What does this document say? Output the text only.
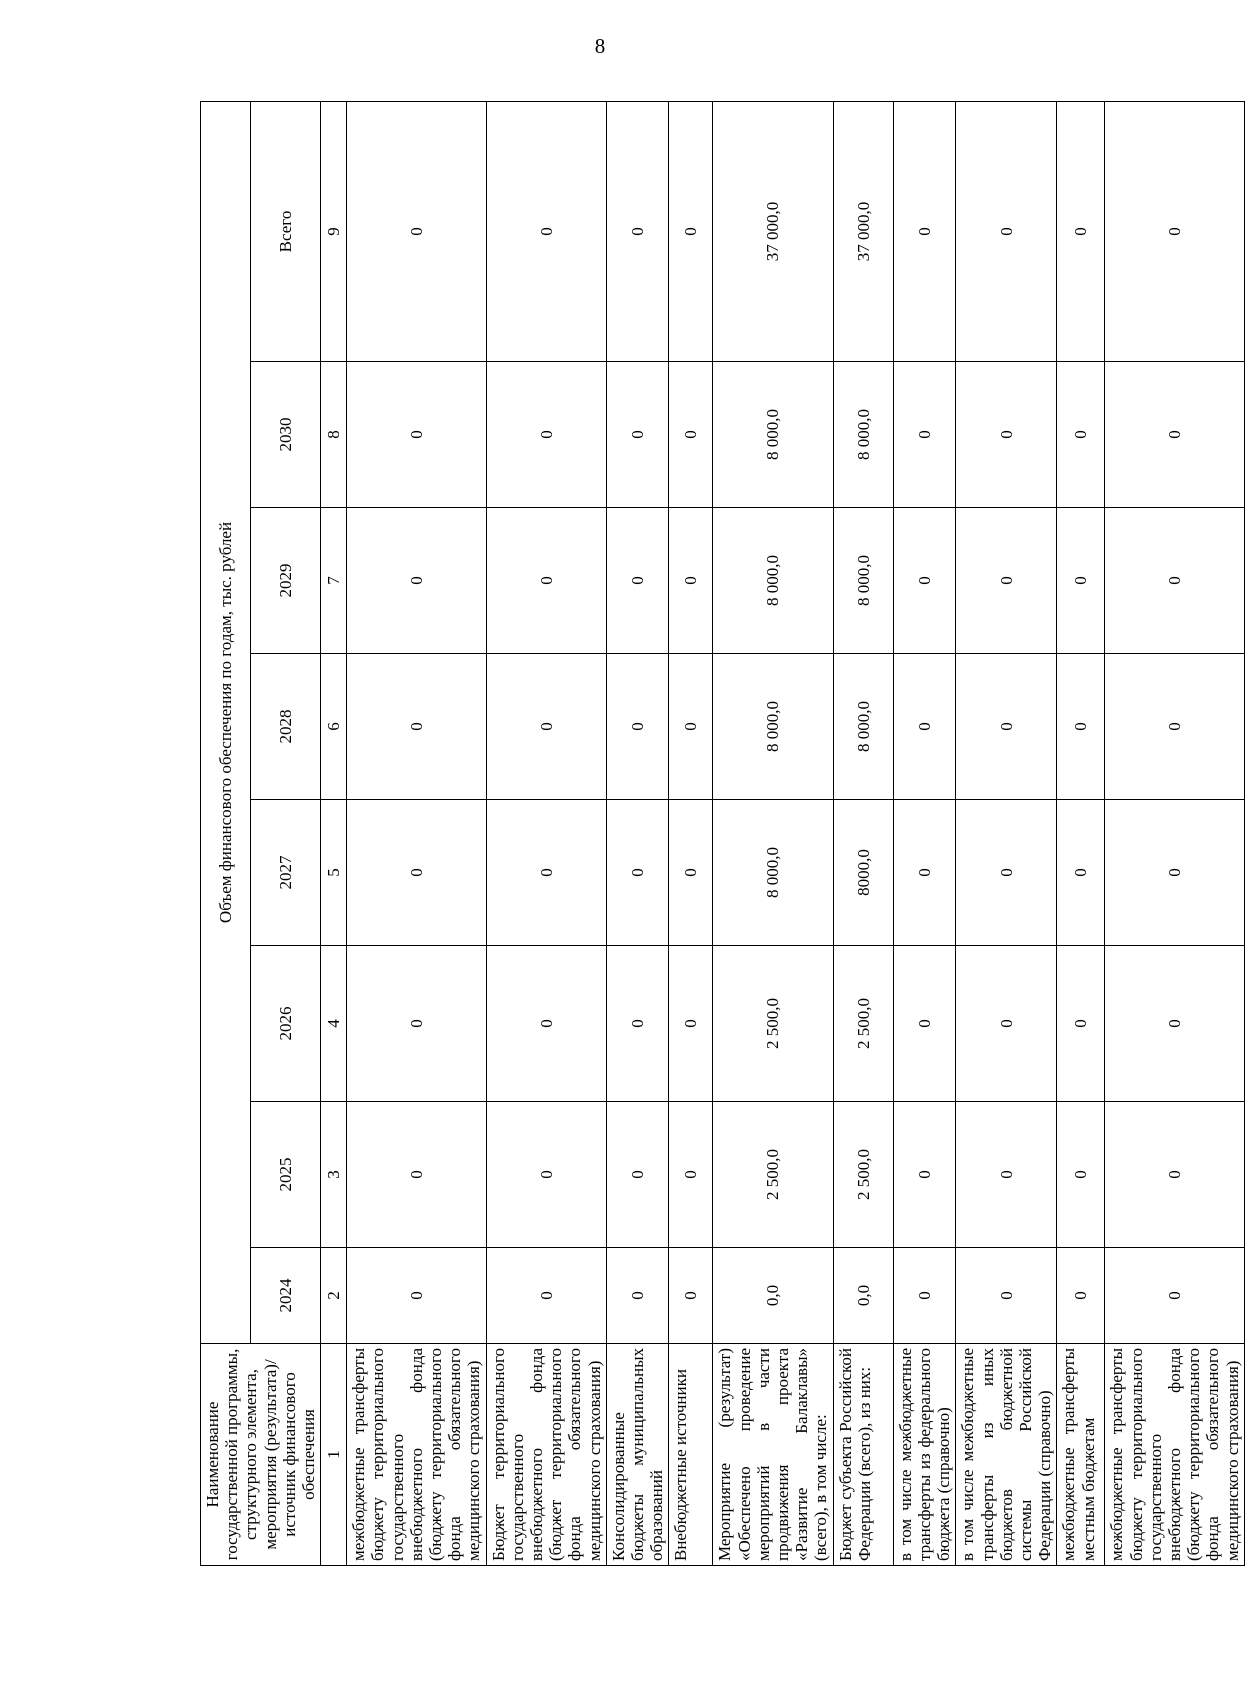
8
Наименование государственной программы, структурного элемента, мероприятия (результата)/источник финансового обеспечения	Объем финансового обеспечения по годам, тыс. рублей							
	2024	2025	2026	2027	2028	2029	2030	Всего
1	2	3	4	5	6	7	8	9
межбюджетные трансферты бюджету территориального государственного внебюджетного фонда (бюджету территориального фонда обязательного медицинского страхования)	0	0	0	0	0	0	0	0
Бюджет территориального государственного внебюджетного фонда (бюджет территориального фонда обязательного медицинского страхования)	0	0	0	0	0	0	0	0
Консолидированные бюджеты муниципальных образований	0	0	0	0	0	0	0	0
Внебюджетные источники	0	0	0	0	0	0	0	0
Мероприятие (результат) «Обеспечено проведение мероприятий в части продвижения проекта «Развитие Балаклавы» (всего), в том числе:	0,0	2 500,0	2 500,0	8 000,0	8 000,0	8 000,0	8 000,0	37 000,0
Бюджет субъекта Российской Федерации (всего), из них:	0,0	2 500,0	2 500,0	8000,0	8 000,0	8 000,0	8 000,0	37 000,0
в том числе межбюджетные трансферты из федерального бюджета (справочно)	0	0	0	0	0	0	0	0
в том числе межбюджетные трансферты из иных бюджетов бюджетной системы Российской Федерации (справочно)	0	0	0	0	0	0	0	0
межбюджетные трансферты местным бюджетам	0	0	0	0	0	0	0	0
межбюджетные трансферты бюджету территориального государственного внебюджетного фонда (бюджету территориального фонда обязательного медицинского страхования)	0	0	0	0	0	0	0	0
